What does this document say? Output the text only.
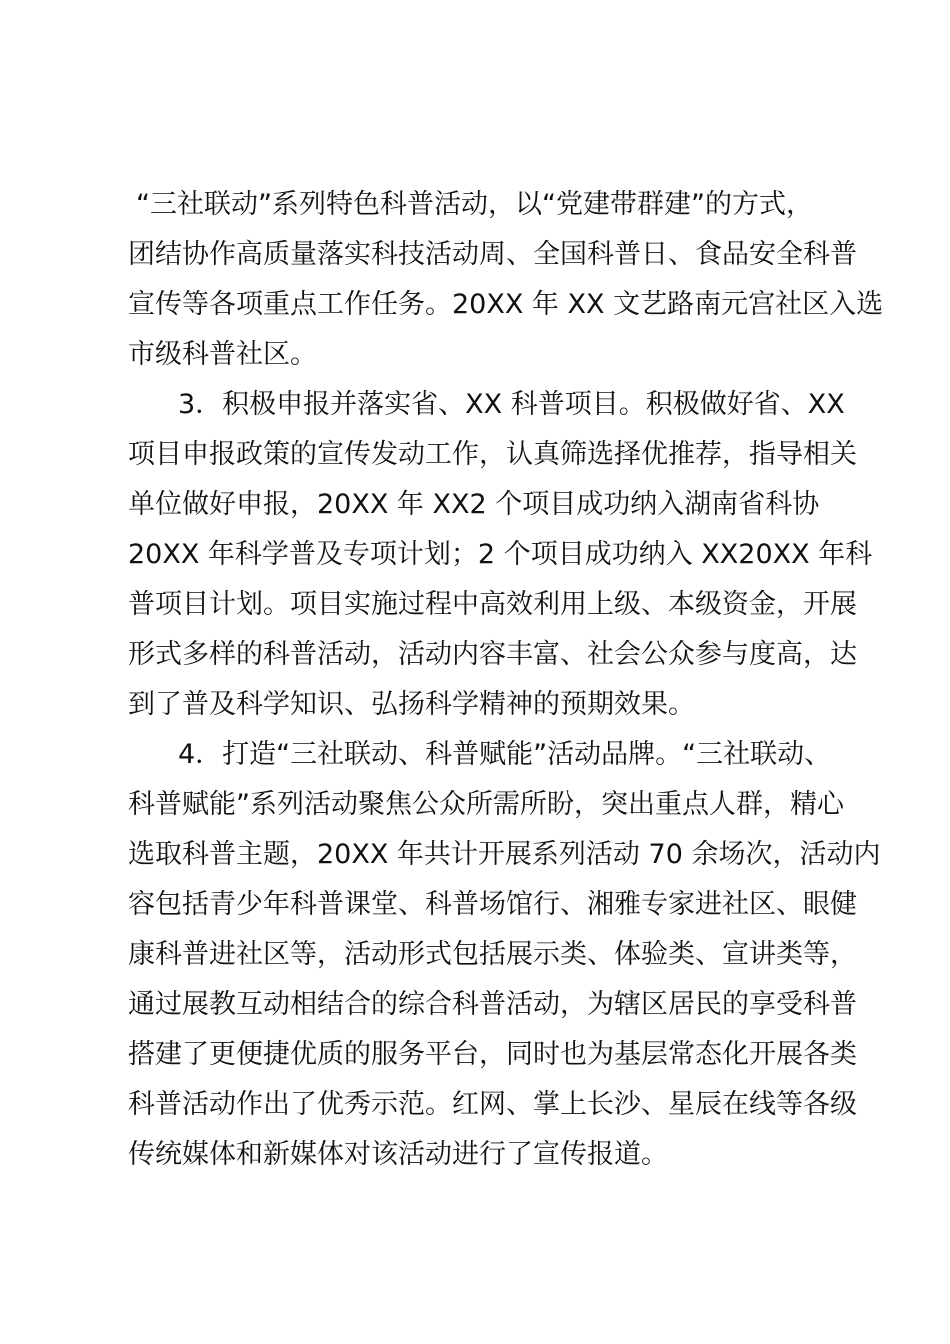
“三社联动”系列特色科普活动，以“党建带群建”的方式，
团结协作高质量落实科技活动周、全国科普日、食品安全科普
宣传等各项重点工作任务。20XX 年 XX 文艺路南元宫社区入选
市级科普社区。
3．积极申报并落实省、XX 科普项目。积极做好省、XX
项目申报政策的宣传发动工作，认真筛选择优推荐，指导相关
单位做好申报，20XX 年 XX2 个项目成功纳入湖南省科协
20XX 年科学普及专项计划；2 个项目成功纳入 XX20XX 年科
普项目计划。项目实施过程中高效利用上级、本级资金，开展
形式多样的科普活动，活动内容丰富、社会公众参与度高，达
到了普及科学知识、弘扬科学精神的预期效果。
4．打造“三社联动、科普赋能”活动品牌。“三社联动、
科普赋能”系列活动聚焦公众所需所盼，突出重点人群，精心
选取科普主题，20XX 年共计开展系列活动 70 余场次，活动内
容包括青少年科普课堂、科普场馆行、湘雅专家进社区、眼健
康科普进社区等，活动形式包括展示类、体验类、宣讲类等，
通过展教互动相结合的综合科普活动，为辖区居民的享受科普
搭建了更便捷优质的服务平台，同时也为基层常态化开展各类
科普活动作出了优秀示范。红网、掌上长沙、星辰在线等各级
传统媒体和新媒体对该活动进行了宣传报道。
